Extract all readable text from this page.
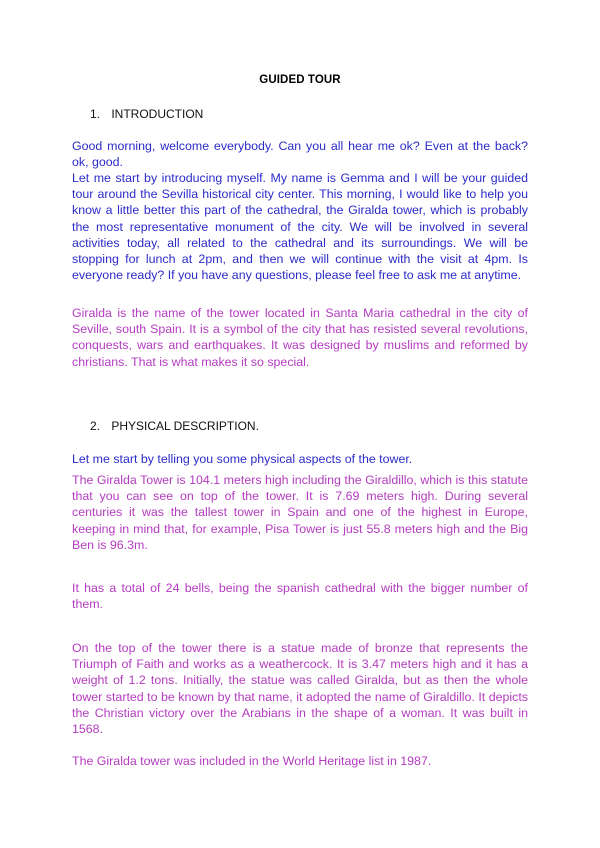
GUIDED TOUR
1. INTRODUCTION

Good morning, welcome everybody. Can you all hear me ok? Even at the back? ok, good.

Let me start by introducing myself. My name is Gemma and I will be your guided tour around the Sevilla historical city center. This morning, I would like to help you know a little better this part of the cathedral, the Giralda tower, which is probably the most representative monument of the city. We will be involved in several activities today, all related to the cathedral and its surroundings. We will be stopping for lunch at 2pm, and then we will continue with the visit at 4pm. Is everyone ready? If you have any questions, please feel free to ask me at anytime.

Giralda is the name of the tower located in Santa Maria cathedral in the city of Seville, south Spain. It is a symbol of the city that has resisted several revolutions, conquests, wars and earthquakes. It was designed by muslims and reformed by christians. That is what makes it so special.

2. PHYSICAL DESCRIPTION.

Let me start by telling you some physical aspects of the tower.

The Giralda Tower is 104.1 meters high including the Giraldillo, which is this statute that you can see on top of the tower. It is 7.69 meters high. During several centuries it was the tallest tower in Spain and one of the highest in Europe, keeping in mind that, for example, Pisa Tower is just 55.8 meters high and the Big Ben is 96.3m.

It has a total of 24 bells, being the spanish cathedral with the bigger number of them.

On the top of the tower there is a statue made of bronze that represents the Triumph of Faith and works as a weathercock. It is 3.47 meters high and it has a weight of 1.2 tons. Initially, the statue was called Giralda, but as then the whole tower started to be known by that name, it adopted the name of Giraldillo. It depicts the Christian victory over the Arabians in the shape of a woman. It was built in 1568.

The Giralda tower was included in the World Heritage list in 1987.
